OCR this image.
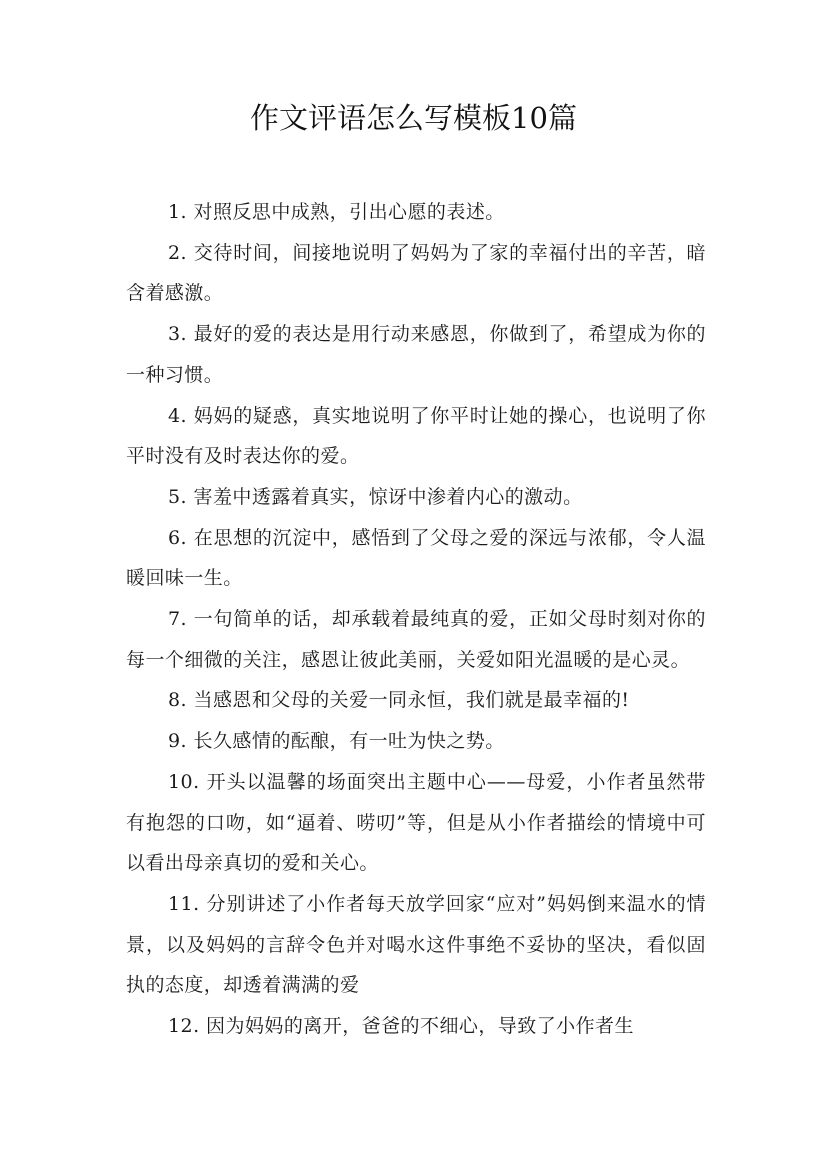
作文评语怎么写模板10篇

1. 对照反思中成熟，引出心愿的表述。

2. 交待时间，间接地说明了妈妈为了家的幸福付出的辛苦，暗含着感激。

3. 最好的爱的表达是用行动来感恩，你做到了，希望成为你的一种习惯。

4. 妈妈的疑惑，真实地说明了你平时让她的操心，也说明了你平时没有及时表达你的爱。

5. 害羞中透露着真实，惊讶中渗着内心的激动。

6. 在思想的沉淀中，感悟到了父母之爱的深远与浓郁，令人温暖回味一生。

7. 一句简单的话，却承载着最纯真的爱，正如父母时刻对你的每一个细微的关注，感恩让彼此美丽，关爱如阳光温暖的是心灵。

8. 当感恩和父母的关爱一同永恒，我们就是最幸福的!

9. 长久感情的酝酿，有一吐为快之势。

10. 开头以温馨的场面突出主题中心——母爱，小作者虽然带有抱怨的口吻，如“逼着、唠叨”等，但是从小作者描绘的情境中可以看出母亲真切的爱和关心。

11. 分别讲述了小作者每天放学回家“应对”妈妈倒来温水的情景，以及妈妈的言辞令色并对喝水这件事绝不妥协的坚决，看似固执的态度，却透着满满的爱

12. 因为妈妈的离开，爸爸的不细心，导致了小作者生
